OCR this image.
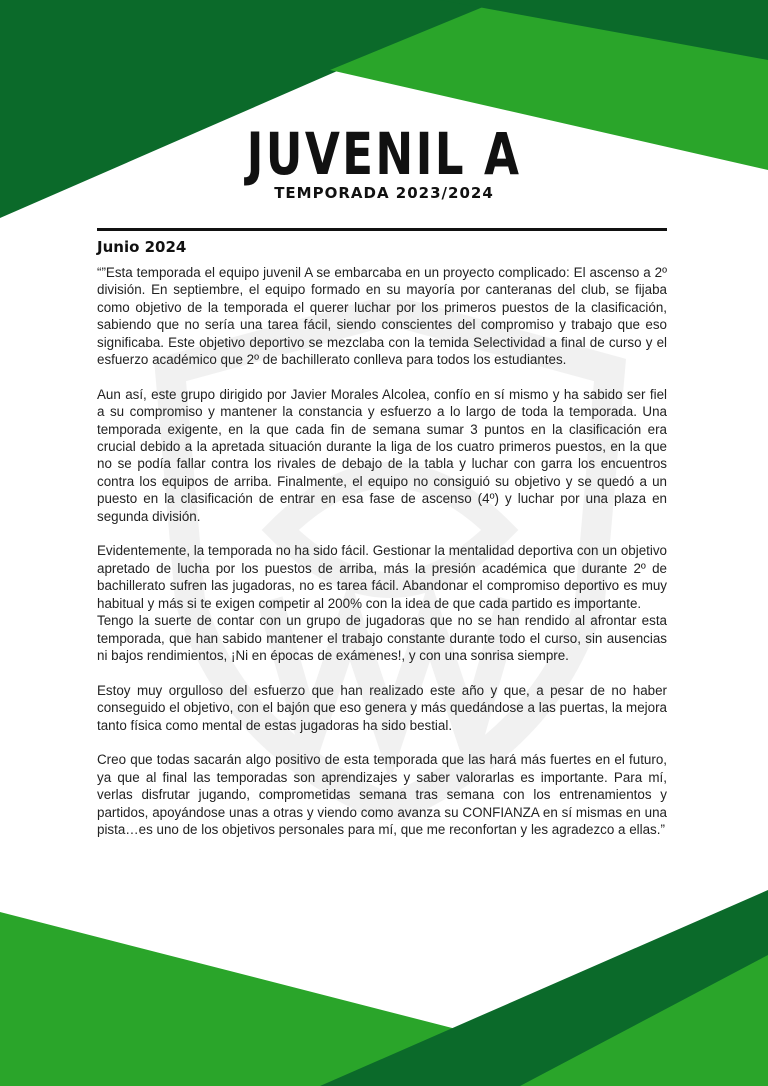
JUVENIL A
TEMPORADA 2023/2024
Junio 2024

“”Esta temporada el equipo juvenil A se embarcaba en un proyecto complicado: El ascenso a 2º división. En septiembre, el equipo formado en su mayoría por canteranas del club, se fijaba como objetivo de la temporada el querer luchar por los primeros puestos de la clasificación, sabiendo que no sería una tarea fácil, siendo conscientes del compromiso y trabajo que eso significaba. Este objetivo deportivo se mezclaba con la temida Selectividad a final de curso y el esfuerzo académico que 2º de bachillerato conlleva para todos los estudiantes.

Aun así, este grupo dirigido por Javier Morales Alcolea, confío en sí mismo y ha sabido ser fiel a su compromiso y mantener la constancia y esfuerzo a lo largo de toda la temporada. Una temporada exigente, en la que cada fin de semana sumar 3 puntos en la clasificación era crucial debido a la apretada situación durante la liga de los cuatro primeros puestos, en la que no se podía fallar contra los rivales de debajo de la tabla y luchar con garra los encuentros contra los equipos de arriba. Finalmente, el equipo no consiguió su objetivo y se quedó a un puesto en la clasificación de entrar en esa fase de ascenso (4º) y luchar por una plaza en segunda división.

Evidentemente, la temporada no ha sido fácil. Gestionar la mentalidad deportiva con un objetivo apretado de lucha por los puestos de arriba, más la presión académica que durante 2º de bachillerato sufren las jugadoras, no es tarea fácil. Abandonar el compromiso deportivo es muy habitual y más si te exigen competir al 200% con la idea de que cada partido es importante.

Tengo la suerte de contar con un grupo de jugadoras que no se han rendido al afrontar esta temporada, que han sabido mantener el trabajo constante durante todo el curso, sin ausencias ni bajos rendimientos, ¡Ni en épocas de exámenes!, y con una sonrisa siempre.

Estoy muy orgulloso del esfuerzo que han realizado este año y que, a pesar de no haber conseguido el objetivo, con el bajón que eso genera y más quedándose a las puertas, la mejora tanto física como mental de estas jugadoras ha sido bestial.

Creo que todas sacarán algo positivo de esta temporada que las hará más fuertes en el futuro, ya que al final las temporadas son aprendizajes y saber valorarlas es importante. Para mí, verlas disfrutar jugando, comprometidas semana tras semana con los entrenamientos y partidos, apoyándose unas a otras y viendo como avanza su CONFIANZA en sí mismas en una pista…es uno de los objetivos personales para mí, que me reconfortan y les agradezco a ellas.”
